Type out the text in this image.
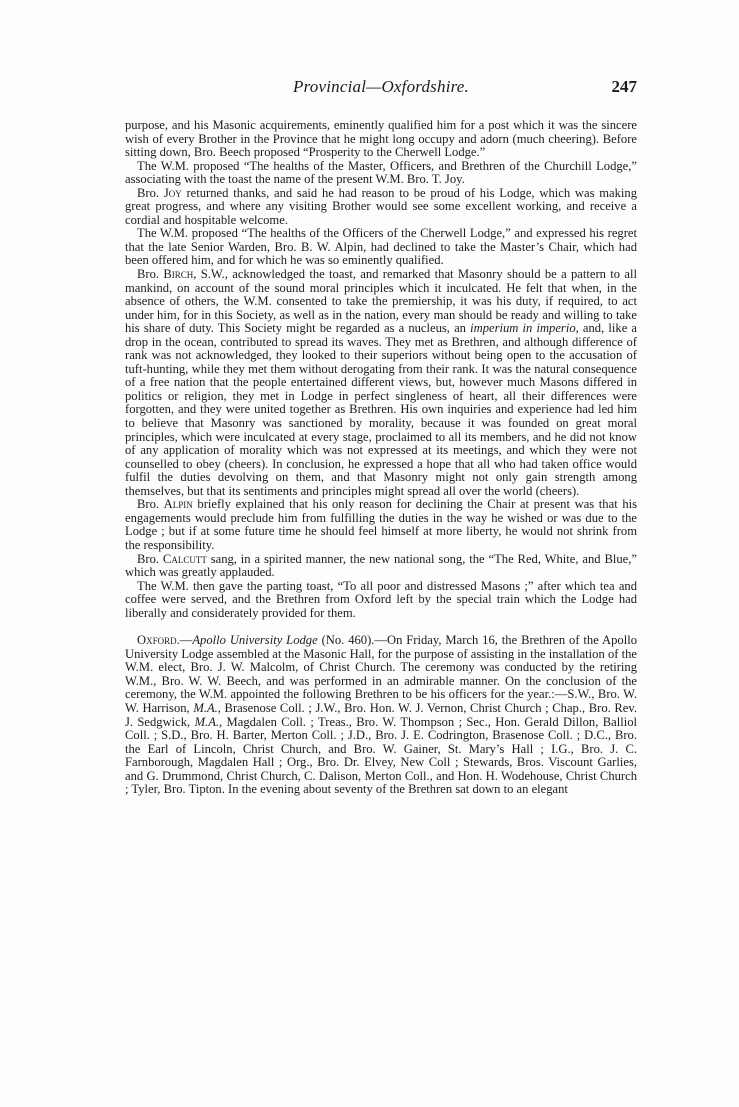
Provincial—Oxfordshire.	247

purpose, and his Masonic acquirements, eminently qualified him for a post which it was the sincere wish of every Brother in the Province that he might long occupy and adorn (much cheering). Before sitting down, Bro. Beech proposed “Prosperity to the Cherwell Lodge.”

The W.M. proposed “The healths of the Master, Officers, and Brethren of the Churchill Lodge,” associating with the toast the name of the present W.M. Bro. T. Joy.

Bro. Joy returned thanks, and said he had reason to be proud of his Lodge, which was making great progress, and where any visiting Brother would see some excellent working, and receive a cordial and hospitable welcome.

The W.M. proposed “The healths of the Officers of the Cherwell Lodge,” and expressed his regret that the late Senior Warden, Bro. B. W. Alpin, had declined to take the Master’s Chair, which had been offered him, and for which he was so eminently qualified.

Bro. Birch, S.W., acknowledged the toast, and remarked that Masonry should be a pattern to all mankind, on account of the sound moral principles which it inculcated. He felt that when, in the absence of others, the W.M. consented to take the premiership, it was his duty, if required, to act under him, for in this Society, as well as in the nation, every man should be ready and willing to take his share of duty. This Society might be regarded as a nucleus, an imperium in imperio, and, like a drop in the ocean, contributed to spread its waves. They met as Brethren, and although difference of rank was not acknowledged, they looked to their superiors without being open to the accusation of tuft-hunting, while they met them without derogating from their rank. It was the natural consequence of a free nation that the people entertained different views, but, however much Masons differed in politics or religion, they met in Lodge in perfect singleness of heart, all their differences were forgotten, and they were united together as Brethren. His own inquiries and experience had led him to believe that Masonry was sanctioned by morality, because it was founded on great moral principles, which were inculcated at every stage, proclaimed to all its members, and he did not know of any application of morality which was not expressed at its meetings, and which they were not counselled to obey (cheers). In conclusion, he expressed a hope that all who had taken office would fulfil the duties devolving on them, and that Masonry might not only gain strength among themselves, but that its sentiments and principles might spread all over the world (cheers).

Bro. Alpin briefly explained that his only reason for declining the Chair at present was that his engagements would preclude him from fulfilling the duties in the way he wished or was due to the Lodge ; but if at some future time he should feel himself at more liberty, he would not shrink from the responsibility.

Bro. Calcutt sang, in a spirited manner, the new national song, the “The Red, White, and Blue,” which was greatly applauded.

The W.M. then gave the parting toast, “To all poor and distressed Masons ;” after which tea and coffee were served, and the Brethren from Oxford left by the special train which the Lodge had liberally and considerately provided for them.

Oxford.—Apollo University Lodge (No. 460).—On Friday, March 16, the Brethren of the Apollo University Lodge assembled at the Masonic Hall, for the purpose of assisting in the installation of the W.M. elect, Bro. J. W. Malcolm, of Christ Church. The ceremony was conducted by the retiring W.M., Bro. W. W. Beech, and was performed in an admirable manner. On the conclusion of the ceremony, the W.M. appointed the following Brethren to be his officers for the year.:—S.W., Bro. W. W. Harrison, M.A., Brasenose Coll. ; J.W., Bro. Hon. W. J. Vernon, Christ Church ; Chap., Bro. Rev. J. Sedgwick, M.A., Magdalen Coll. ; Treas., Bro. W. Thompson ; Sec., Hon. Gerald Dillon, Balliol Coll. ; S.D., Bro. H. Barter, Merton Coll. ; J.D., Bro. J. E. Codrington, Brasenose Coll. ; D.C., Bro. the Earl of Lincoln, Christ Church, and Bro. W. Gainer, St. Mary’s Hall ; I.G., Bro. J. C. Farnborough, Magdalen Hall ; Org., Bro. Dr. Elvey, New Coll ; Stewards, Bros. Viscount Garlies, and G. Drummond, Christ Church, C. Dalison, Merton Coll., and Hon. H. Wodehouse, Christ Church ; Tyler, Bro. Tipton. In the evening about seventy of the Brethren sat down to an elegant
